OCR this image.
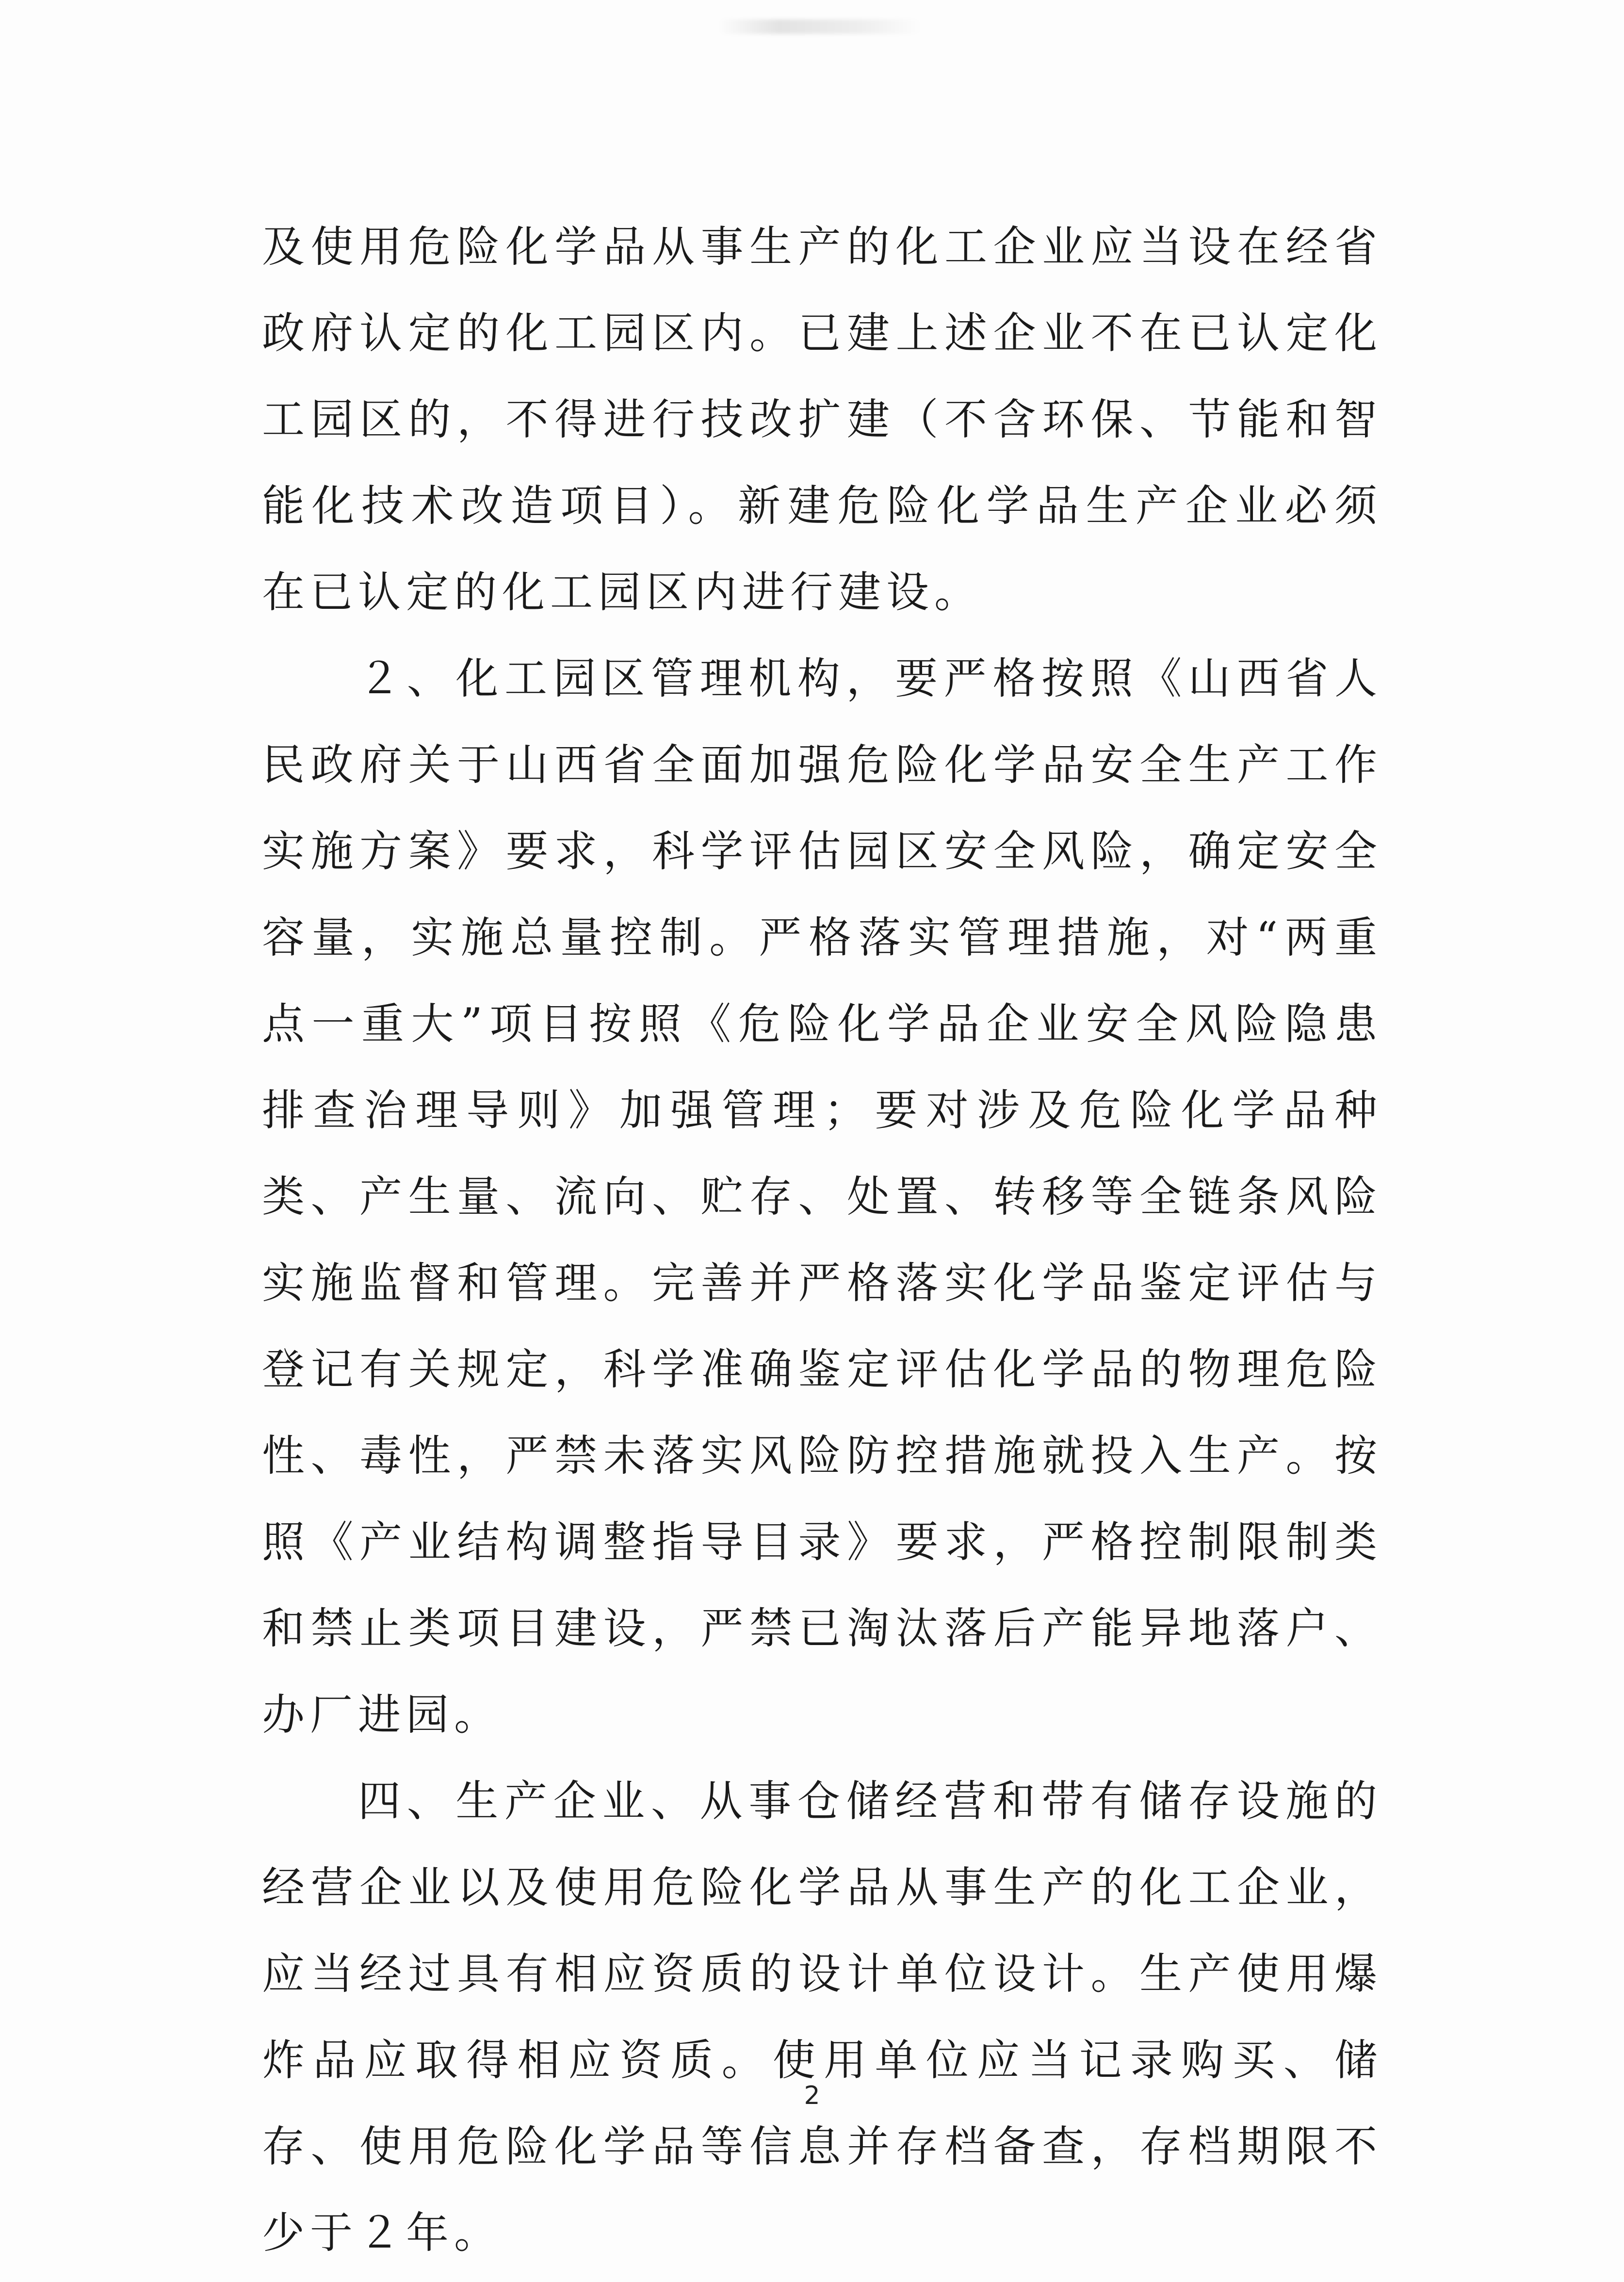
及使用危险化学品从事生产的化工企业应当设在经省政府认定的化工园区内。已建上述企业不在已认定化工园区的，不得进行技改扩建（不含环保、节能和智能化技术改造项目）。新建危险化学品生产企业必须在已认定的化工园区内进行建设。

２、化工园区管理机构，要严格按照《山西省人民政府关于山西省全面加强危险化学品安全生产工作实施方案》要求，科学评估园区安全风险，确定安全容量，实施总量控制。严格落实管理措施，对“两重点一重大”项目按照《危险化学品企业安全风险隐患排查治理导则》加强管理；要对涉及危险化学品种类、产生量、流向、贮存、处置、转移等全链条风险实施监督和管理。完善并严格落实化学品鉴定评估与登记有关规定，科学准确鉴定评估化学品的物理危险性、毒性，严禁未落实风险防控措施就投入生产。按照《产业结构调整指导目录》要求，严格控制限制类和禁止类项目建设，严禁已淘汰落后产能异地落户、办厂进园。

四、生产企业、从事仓储经营和带有储存设施的经营企业以及使用危险化学品从事生产的化工企业，应当经过具有相应资质的设计单位设计。生产使用爆炸品应取得相应资质。使用单位应当记录购买、储存、使用危险化学品等信息并存档备查，存档期限不少于２年。

2
